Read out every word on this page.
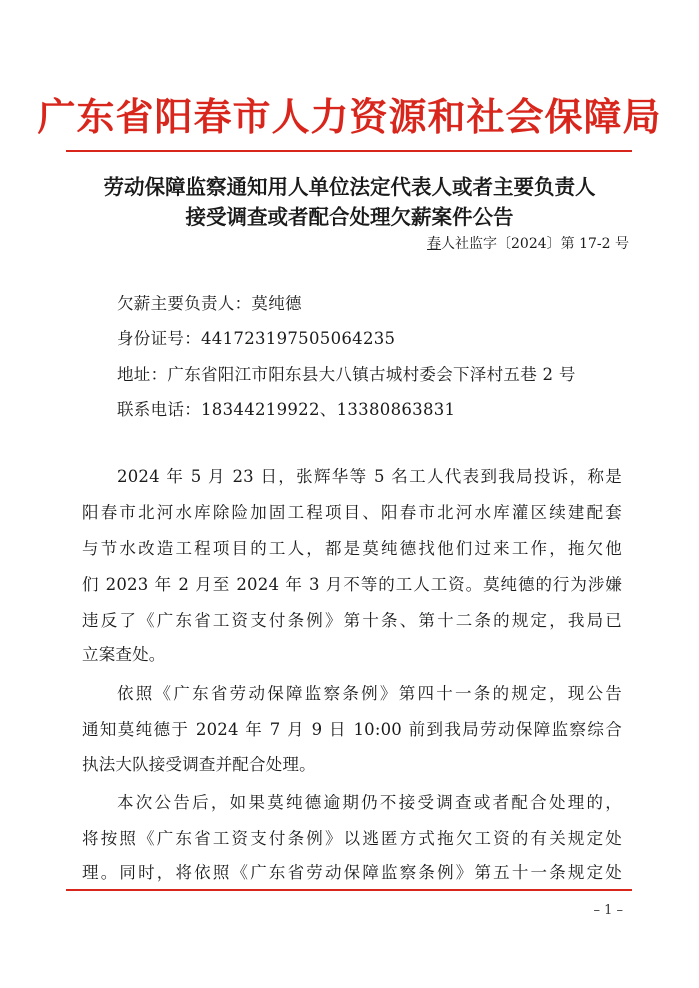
广东省阳春市人力资源和社会保障局
劳动保障监察通知用人单位法定代表人或者主要负责人
接受调查或者配合处理欠薪案件公告
春人社监字〔2024〕第 17-2 号
欠薪主要负责人：莫纯德
身份证号：441723197505064235
地址：广东省阳江市阳东县大八镇古城村委会下泽村五巷 2 号
联系电话：18344219922、13380863831
2024 年 5 月 23 日，张辉华等 5 名工人代表到我局投诉，称是
阳春市北河水库除险加固工程项目、阳春市北河水库灌区续建配套
与节水改造工程项目的工人，都是莫纯德找他们过来工作，拖欠他
们 2023 年 2 月至 2024 年 3 月不等的工人工资。莫纯德的行为涉嫌
违反了《广东省工资支付条例》第十条、第十二条的规定，我局已
立案查处。
依照《广东省劳动保障监察条例》第四十一条的规定，现公告
通知莫纯德于 2024 年 7 月 9 日 10:00 前到我局劳动保障监察综合
执法大队接受调查并配合处理。
本次公告后，如果莫纯德逾期仍不接受调查或者配合处理的，
将按照《广东省工资支付条例》以逃匿方式拖欠工资的有关规定处
理。同时，将依照《广东省劳动保障监察条例》第五十一条规定处
– 1 –
